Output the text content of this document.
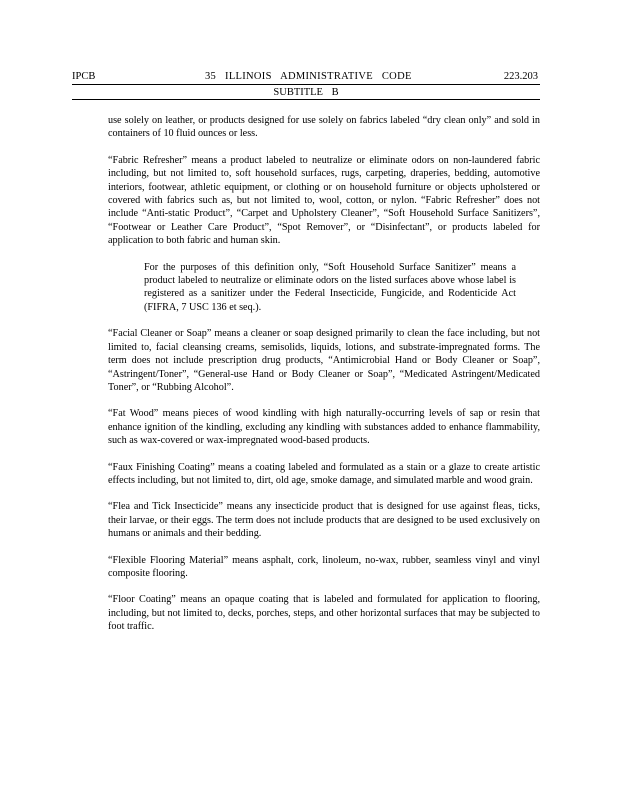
IPCB	35 ILLINOIS ADMINISTRATIVE CODE	223.203
SUBTITLE B

use solely on leather, or products designed for use solely on fabrics labeled “dry clean only” and sold in containers of 10 fluid ounces or less.

“Fabric Refresher” means a product labeled to neutralize or eliminate odors on non-laundered fabric including, but not limited to, soft household surfaces, rugs, carpeting, draperies, bedding, automotive interiors, footwear, athletic equipment, or clothing or on household furniture or objects upholstered or covered with fabrics such as, but not limited to, wool, cotton, or nylon. “Fabric Refresher” does not include “Anti-static Product”, “Carpet and Upholstery Cleaner”, “Soft Household Surface Sanitizers”, “Footwear or Leather Care Product”, “Spot Remover”, or “Disinfectant”, or products labeled for application to both fabric and human skin.

For the purposes of this definition only, “Soft Household Surface Sanitizer” means a product labeled to neutralize or eliminate odors on the listed surfaces above whose label is registered as a sanitizer under the Federal Insecticide, Fungicide, and Rodenticide Act (FIFRA, 7 USC 136 et seq.).

“Facial Cleaner or Soap” means a cleaner or soap designed primarily to clean the face including, but not limited to, facial cleansing creams, semisolids, liquids, lotions, and substrate-impregnated forms. The term does not include prescription drug products, “Antimicrobial Hand or Body Cleaner or Soap”, “Astringent/Toner”, “General-use Hand or Body Cleaner or Soap”, “Medicated Astringent/Medicated Toner”, or “Rubbing Alcohol”.

“Fat Wood” means pieces of wood kindling with high naturally-occurring levels of sap or resin that enhance ignition of the kindling, excluding any kindling with substances added to enhance flammability, such as wax-covered or wax-impregnated wood-based products.

“Faux Finishing Coating” means a coating labeled and formulated as a stain or a glaze to create artistic effects including, but not limited to, dirt, old age, smoke damage, and simulated marble and wood grain.

“Flea and Tick Insecticide” means any insecticide product that is designed for use against fleas, ticks, their larvae, or their eggs. The term does not include products that are designed to be used exclusively on humans or animals and their bedding.

“Flexible Flooring Material” means asphalt, cork, linoleum, no-wax, rubber, seamless vinyl and vinyl composite flooring.

“Floor Coating” means an opaque coating that is labeled and formulated for application to flooring, including, but not limited to, decks, porches, steps, and other horizontal surfaces that may be subjected to foot traffic.
